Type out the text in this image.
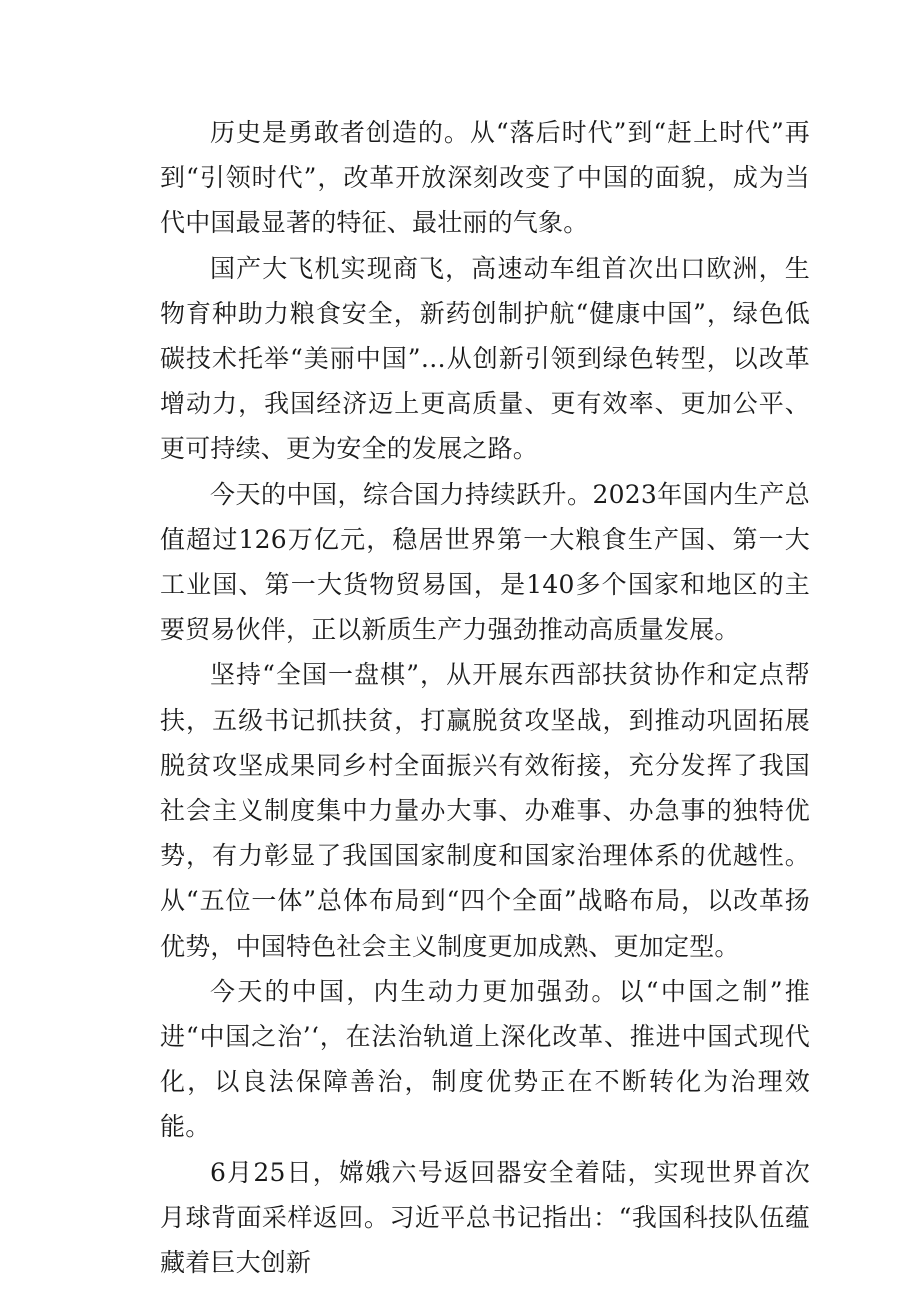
历史是勇敢者创造的。从“落后时代”到“赶上时代”再到“引领时代”，改革开放深刻改变了中国的面貌，成为当代中国最显著的特征、最壮丽的气象。

国产大飞机实现商飞，高速动车组首次出口欧洲，生物育种助力粮食安全，新药创制护航“健康中国”，绿色低碳技术托举“美丽中国”…从创新引领到绿色转型，以改革增动力，我国经济迈上更高质量、更有效率、更加公平、更可持续、更为安全的发展之路。

今天的中国，综合国力持续跃升。2023年国内生产总值超过126万亿元，稳居世界第一大粮食生产国、第一大工业国、第一大货物贸易国，是140多个国家和地区的主要贸易伙伴，正以新质生产力强劲推动高质量发展。

坚持“全国一盘棋”，从开展东西部扶贫协作和定点帮扶，五级书记抓扶贫，打赢脱贫攻坚战，到推动巩固拓展脱贫攻坚成果同乡村全面振兴有效衔接，充分发挥了我国社会主义制度集中力量办大事、办难事、办急事的独特优势，有力彰显了我国国家制度和国家治理体系的优越性。从“五位一体”总体布局到“四个全面”战略布局，以改革扬优势，中国特色社会主义制度更加成熟、更加定型。

今天的中国，内生动力更加强劲。以“中国之制”推进“中国之治’‘，在法治轨道上深化改革、推进中国式现代化，以良法保障善治，制度优势正在不断转化为治理效能。

6月25日，嫦娥六号返回器安全着陆，实现世界首次月球背面采样返回。习近平总书记指出：“我国科技队伍蕴藏着巨大创新
